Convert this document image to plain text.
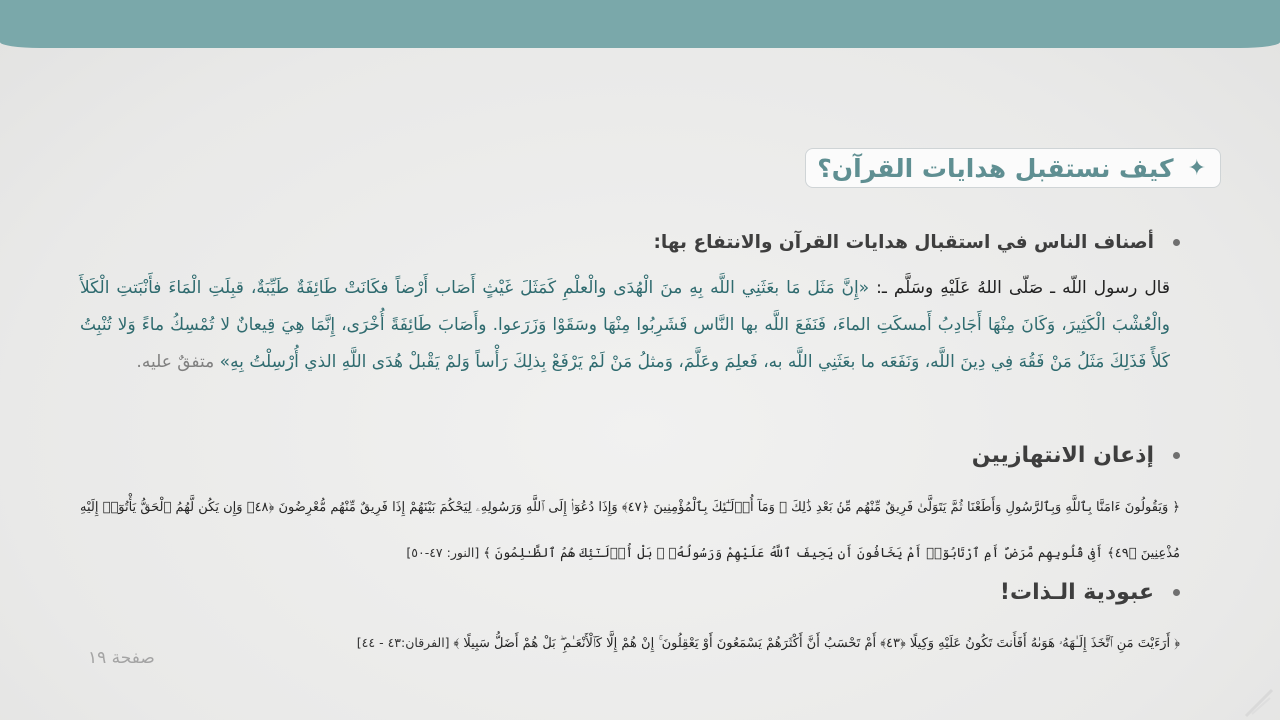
✦
كيف نستقبل هدايات القرآن؟
أصناف الناس في استقبال هدايات القرآن والانتفاع بها:
قال رسول اللّه ـ صَلّى اللهُ عَلَيْهِ وسَلَّم ـ: «إِنَّ مَثَل مَا بعَثَنِي اللَّه بِهِ منَ الْهُدَى والْعلْمِ كَمَثَلَ غَيْثٍ أَصَاب أَرْضاً فكَانَتْ طَائِفَةٌ طَيِّبَةٌ، قبِلَتِ الْمَاءَ فأَنْبَتتِ الْكَلأَ والْعُشْبَ الْكَثِيرَ، وَكَانَ مِنْهَا أَجَادِبُ أَمسكَتِ الماءَ، فَنَفَعَ اللَّه بها النَّاس فَشَرِبُوا مِنْهَا وسَقَوْا وَزَرَعوا. وأَصَابَ طَائِفَةً أُخْرَى، إِنَّمَا هِيَ قِيعانٌ لا تُمْسِكُ ماءً وَلا تُنْبِتُ كَلأً فَذَلِكَ مَثَلُ مَنْ فَقُهَ فِي دِينَ اللَّه، وَنَفَعَه ما بعَثَنِي اللَّه به، فَعلِمَ وعَلَّمَ، وَمثلُ مَنْ لَمْ يَرْفَعْ بِذلِكَ رَأْساً وَلمْ يَقْبلْ هُدَى اللَّهِ الذي أُرْسِلْتُ بِهِ» متفقٌ عليه.
إذعان الانتهازيين
﴿ وَيَقُولُونَ ءَامَنَّا بِٱللَّهِ وَبِٱلرَّسُولِ وَأَطَعْنَا ثُمَّ يَتَوَلَّىٰ فَرِيقٌ مِّنْهُم مِّنۢ بَعْدِ ذَٰلِكَ ۚ وَمَآ أُو۟لَـٰٓئِكَ بِٱلْمُؤْمِنِينَ ﴿٤٧﴾ وَإِذَا دُعُوٓا۟ إِلَى ٱللَّهِ وَرَسُولِهِۦ لِيَحْكُمَ بَيْنَهُمْ إِذَا فَرِيقٌ مِّنْهُم مُّعْرِضُونَ ﴿٤٨﴾ وَإِن يَكُن لَّهُمُ ٱلْحَقُّ يَأْتُوٓا۟ إِلَيْهِ مُذْعِنِينَ ﴿٤٩﴾ أَفِى قُلُوبِهِم مَّرَضٌ أَمِ ٱرْتَابُوٓا۟ أَمْ يَخَافُونَ أَن يَحِيفَ ٱللَّهُ عَلَيْهِمْ وَرَسُولُهُۥ ۚ بَلْ أُو۟لَـٰٓئِكَ هُمُ ٱلظَّـٰلِمُونَ ﴾ [النور: ٤٧-٥٠]
عبودية الـذات!
﴿ أَرَءَيْتَ مَنِ ٱتَّخَذَ إِلَـٰهَهُۥ هَوَىٰهُ أَفَأَنتَ تَكُونُ عَلَيْهِ وَكِيلًا ﴿٤٣﴾ أَمْ تَحْسَبُ أَنَّ أَكْثَرَهُمْ يَسْمَعُونَ أَوْ يَعْقِلُونَ ۚ إِنْ هُمْ إِلَّا كَٱلْأَنْعَـٰمِ ۖ بَلْ هُمْ أَضَلُّ سَبِيلًا ﴾ [الفرقان:٤٣ - ٤٤]
صفحة ١٩
